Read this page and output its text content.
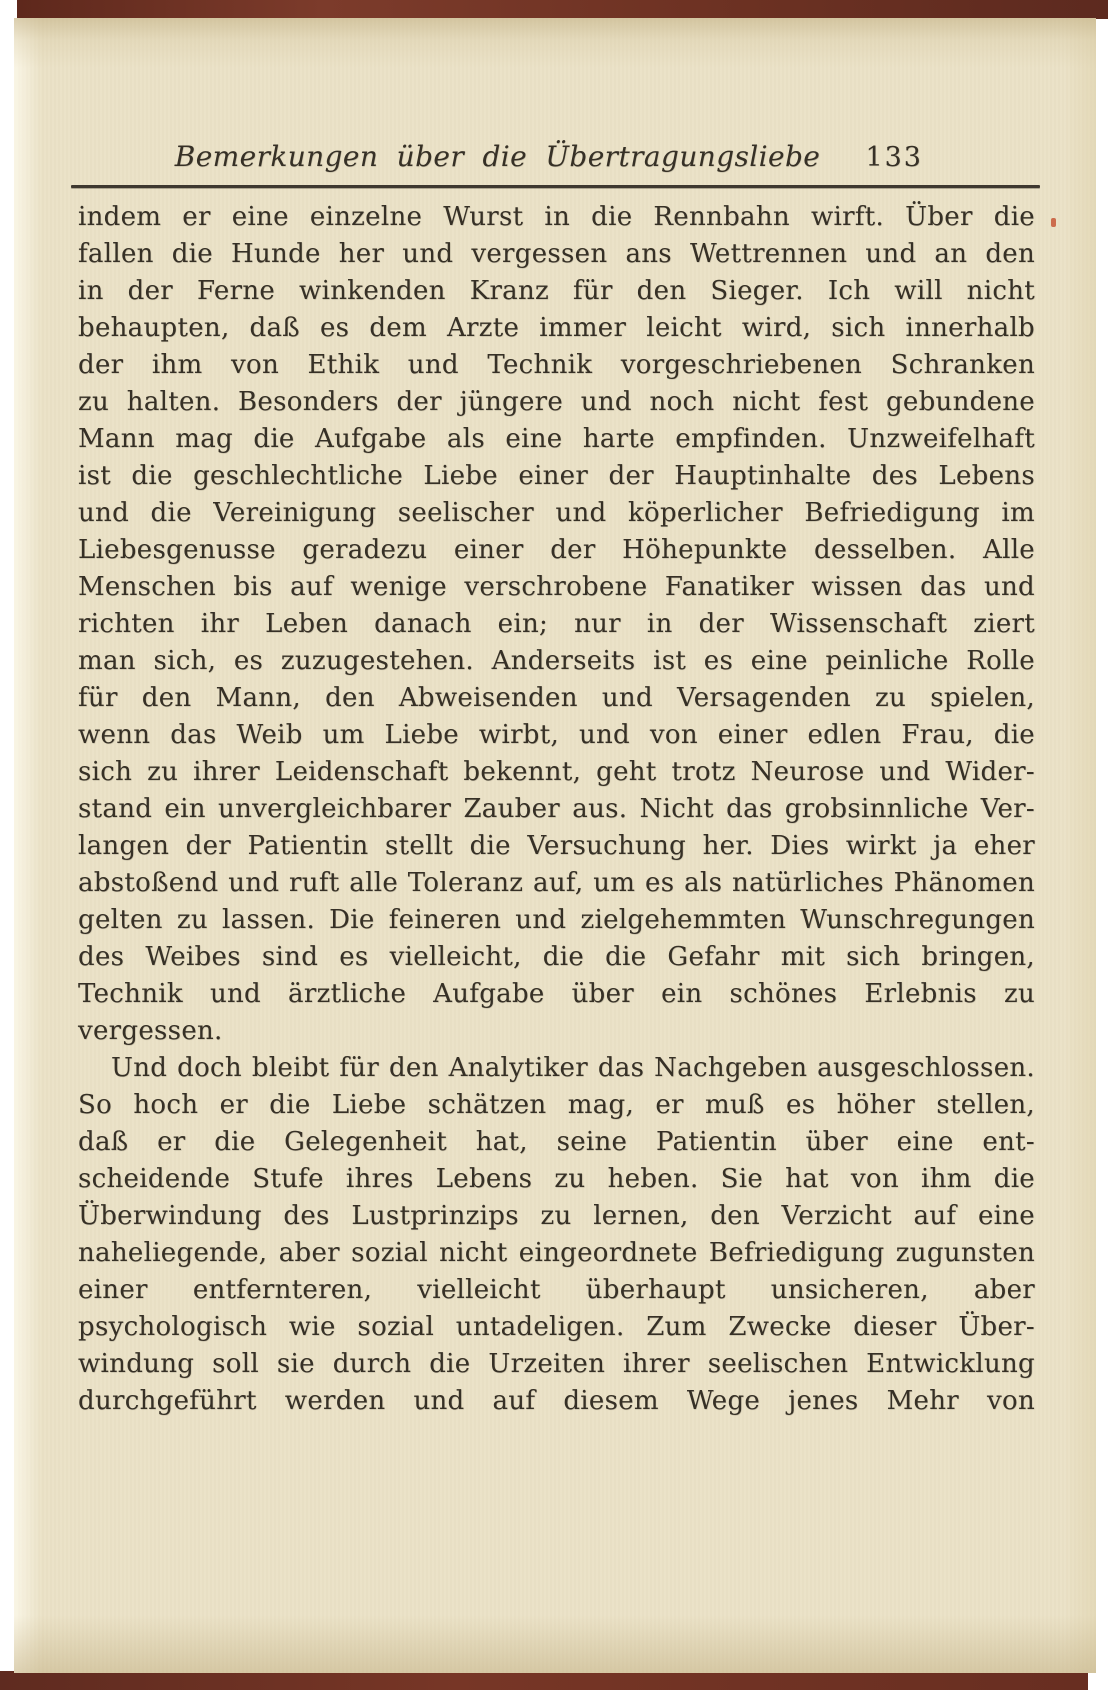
Bemerkungen über die Übertragungsliebe	133
indem er eine einzelne Wurst in die Rennbahn wirft. Über die
fallen die Hunde her und vergessen ans Wettrennen und an den
in der Ferne winkenden Kranz für den Sieger. Ich will nicht
behaupten, daß es dem Arzte immer leicht wird, sich innerhalb
der ihm von Ethik und Technik vorgeschriebenen Schranken
zu halten. Besonders der jüngere und noch nicht fest gebundene
Mann mag die Aufgabe als eine harte empfinden. Unzweifelhaft
ist die geschlechtliche Liebe einer der Hauptinhalte des Lebens
und die Vereinigung seelischer und köperlicher Befriedigung im
Liebesgenusse geradezu einer der Höhepunkte desselben. Alle
Menschen bis auf wenige verschrobene Fanatiker wissen das und
richten ihr Leben danach ein; nur in der Wissenschaft ziert
man sich, es zuzugestehen. Anderseits ist es eine peinliche Rolle
für den Mann, den Abweisenden und Versagenden zu spielen,
wenn das Weib um Liebe wirbt, und von einer edlen Frau, die
sich zu ihrer Leidenschaft bekennt, geht trotz Neurose und Wider-
stand ein unvergleichbarer Zauber aus. Nicht das grobsinnliche Ver-
langen der Patientin stellt die Versuchung her. Dies wirkt ja eher
abstoßend und ruft alle Toleranz auf, um es als natürliches Phänomen
gelten zu lassen. Die feineren und zielgehemmten Wunschregungen
des Weibes sind es vielleicht, die die Gefahr mit sich bringen,
Technik und ärztliche Aufgabe über ein schönes Erlebnis zu
vergessen.
Und doch bleibt für den Analytiker das Nachgeben ausgeschlossen.
So hoch er die Liebe schätzen mag, er muß es höher stellen,
daß er die Gelegenheit hat, seine Patientin über eine ent-
scheidende Stufe ihres Lebens zu heben. Sie hat von ihm die
Überwindung des Lustprinzips zu lernen, den Verzicht auf eine
naheliegende, aber sozial nicht eingeordnete Befriedigung zugunsten
einer entfernteren, vielleicht überhaupt unsicheren, aber
psychologisch wie sozial untadeligen. Zum Zwecke dieser Über-
windung soll sie durch die Urzeiten ihrer seelischen Entwicklung
durchgeführt werden und auf diesem Wege jenes Mehr von
